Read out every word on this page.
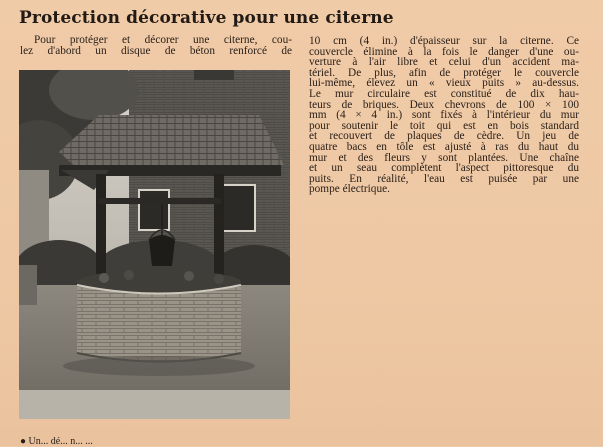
Protection décorative pour une citerne
Pour protéger et décorer une citerne, cou-
lez d'abord un disque de béton renforcé de
10 cm (4 in.) d'épaisseur sur la citerne. Ce
couvercle élimine à la fois le danger d'une ou-
verture à l'air libre et celui d'un accident ma-
tériel. De plus, afin de protéger le couvercle
lui-même, élevez un « vieux puits » au-dessus.
Le mur circulaire est constitué de dix hau-
teurs de briques. Deux chevrons de 100 × 100
mm (4 × 4 in.) sont fixés à l'intérieur du mur
pour soutenir le toit qui est en bois standard
et recouvert de plaques de cèdre. Un jeu de
quatre bacs en tôle est ajusté à ras du haut du
mur et des fleurs y sont plantées. Une chaîne
et un seau complètent l'aspect pittoresque du
puits. En réalité, l'eau est puisée par une
pompe électrique.
● Un... dé... n... ...
